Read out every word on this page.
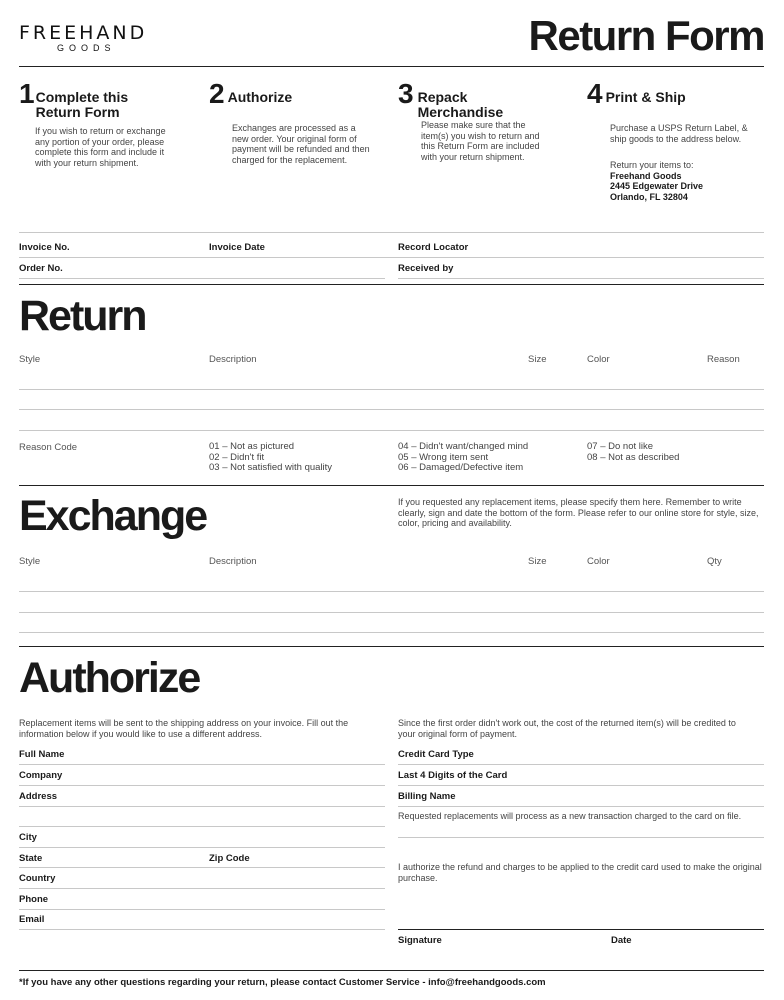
FREEHAND
GOODS	Return Form
1 Complete this Return Form
If you wish to return or exchange any portion of your order, please complete this form and include it with your return shipment.
2 Authorize
Exchanges are processed as a new order. Your original form of payment will be refunded and then charged for the replacement.
3 Repack Merchandise
Please make sure that the item(s) you wish to return and this Return Form are included with your return shipment.
4 Print & Ship
Purchase a USPS Return Label, & ship goods to the address below.
Return your items to:
Freehand Goods
2445 Edgewater Drive
Orlando, FL 32804
Invoice No.	Invoice Date	Record Locator
Order No.	Received by
Return
Style	Description	Size	Color	Reason
Reason Code	01 – Not as pictured
02 – Didn't fit
03 – Not satisfied with quality
04 – Didn't want/changed mind
05 – Wrong item sent
06 – Damaged/Defective item
07 – Do not like
08 – Not as described
Exchange	If you requested any replacement items, please specify them here. Remember to write clearly, sign and date the bottom of the form. Please refer to our online store for style, size, color, pricing and availability.
Style	Description	Size	Color	Qty
Authorize
Replacement items will be sent to the shipping address on your invoice. Fill out the information below if you would like to use a different address.
Since the first order didn't work out, the cost of the returned item(s) will be credited to your original form of payment.
Full Name
Company
Address
City
State	Zip Code
Country
Phone
Email
Credit Card Type
Last 4 Digits of the Card
Billing Name
Requested replacements will process as a new transaction charged to the card on file.
I authorize the refund and charges to be applied to the credit card used to make the original purchase.
Signature	Date
*If you have any other questions regarding your return, please contact Customer Service - info@freehandgoods.com
